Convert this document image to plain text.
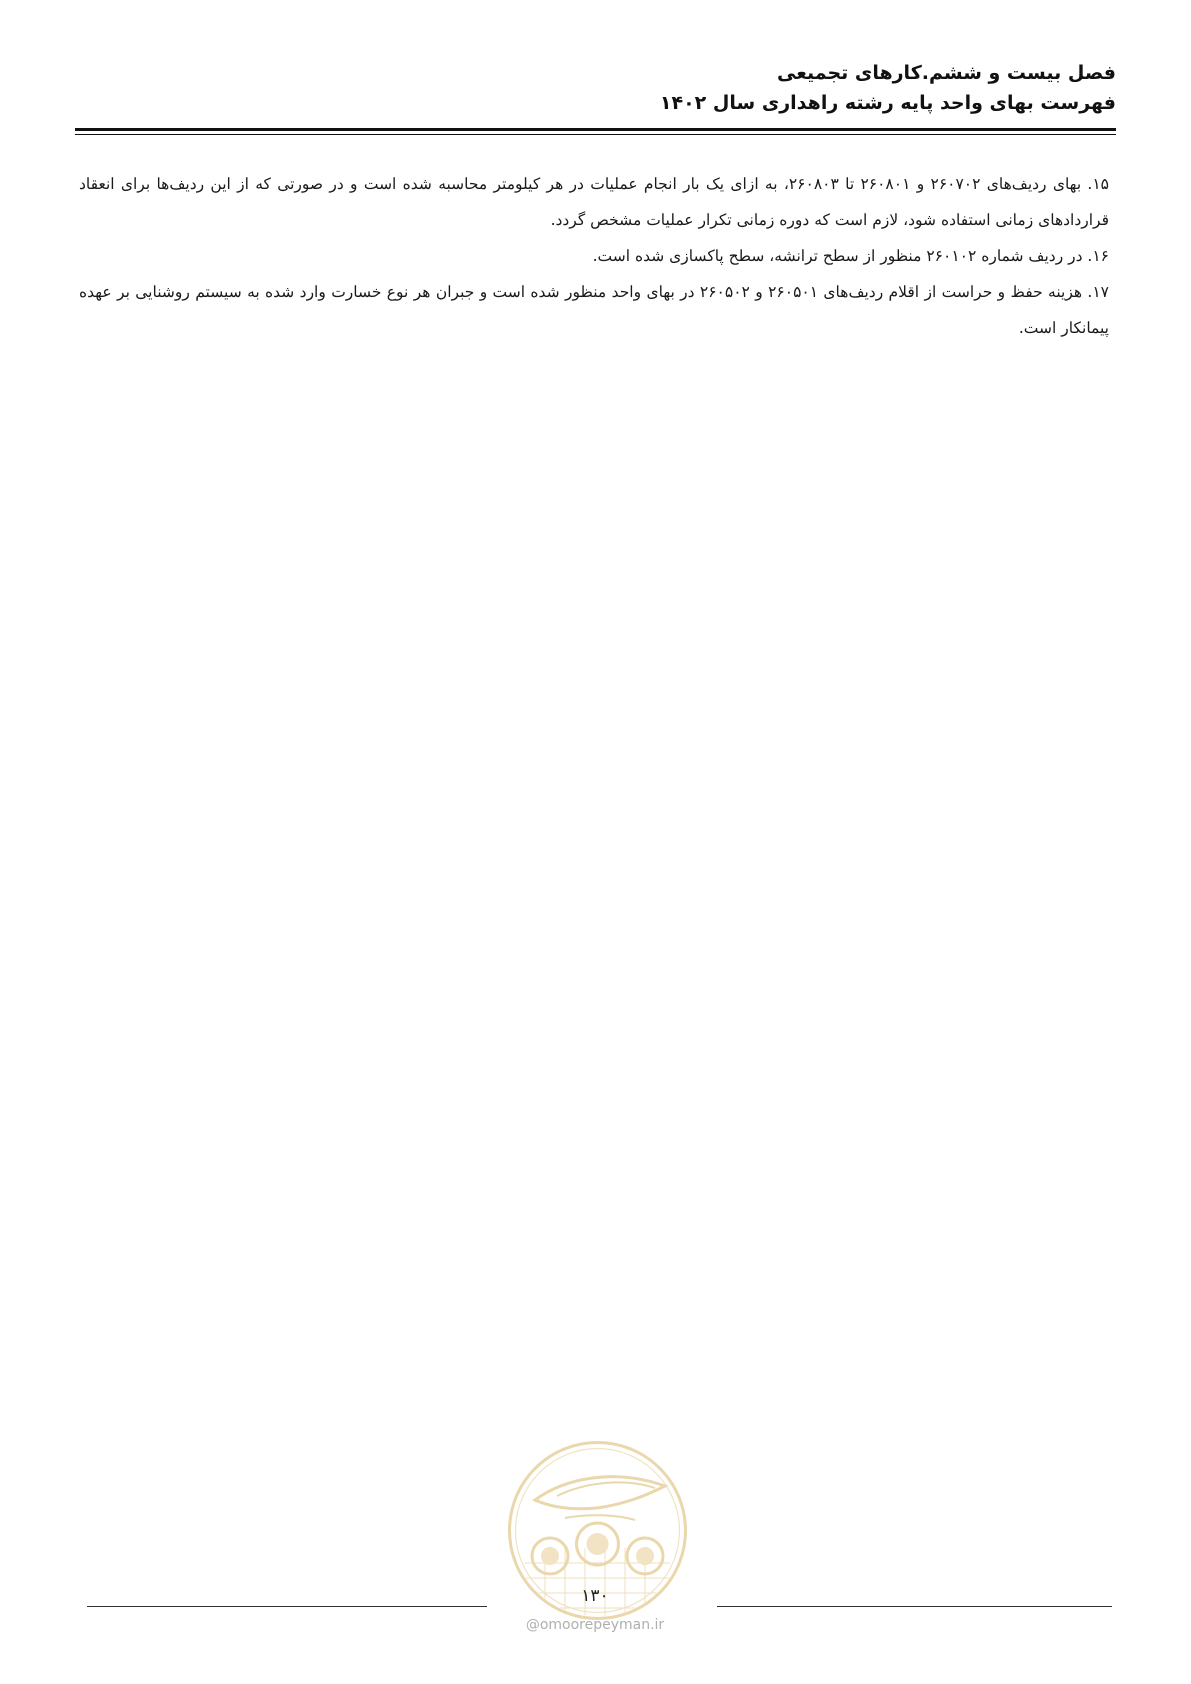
فصل بیست و ششم.کارهای تجمیعی
فهرست بهای واحد پایه رشته راهداری سال ۱۴۰۲

۱۵. بهای ردیف‌های ۲۶۰۷۰۲ و ۲۶۰۸۰۱ تا ۲۶۰۸۰۳، به ازای یک بار انجام عملیات در هر کیلومتر محاسبه شده است و در صورتی که از این ردیف‌ها برای انعقاد قراردادهای زمانی استفاده شود، لازم است که دوره زمانی تکرار عملیات مشخص گردد.

۱۶. در ردیف شماره ۲۶۰۱۰۲ منظور از سطح ترانشه، سطح پاکسازی شده است.

۱۷. هزینه حفظ و حراست از اقلام ردیف‌های ۲۶۰۵۰۱ و ۲۶۰۵۰۲ در بهای واحد منظور شده است و جبران هر نوع خسارت وارد شده به سیستم روشنایی بر عهده پیمانکار است.

۱۳۰
@omoorepeyman.ir
